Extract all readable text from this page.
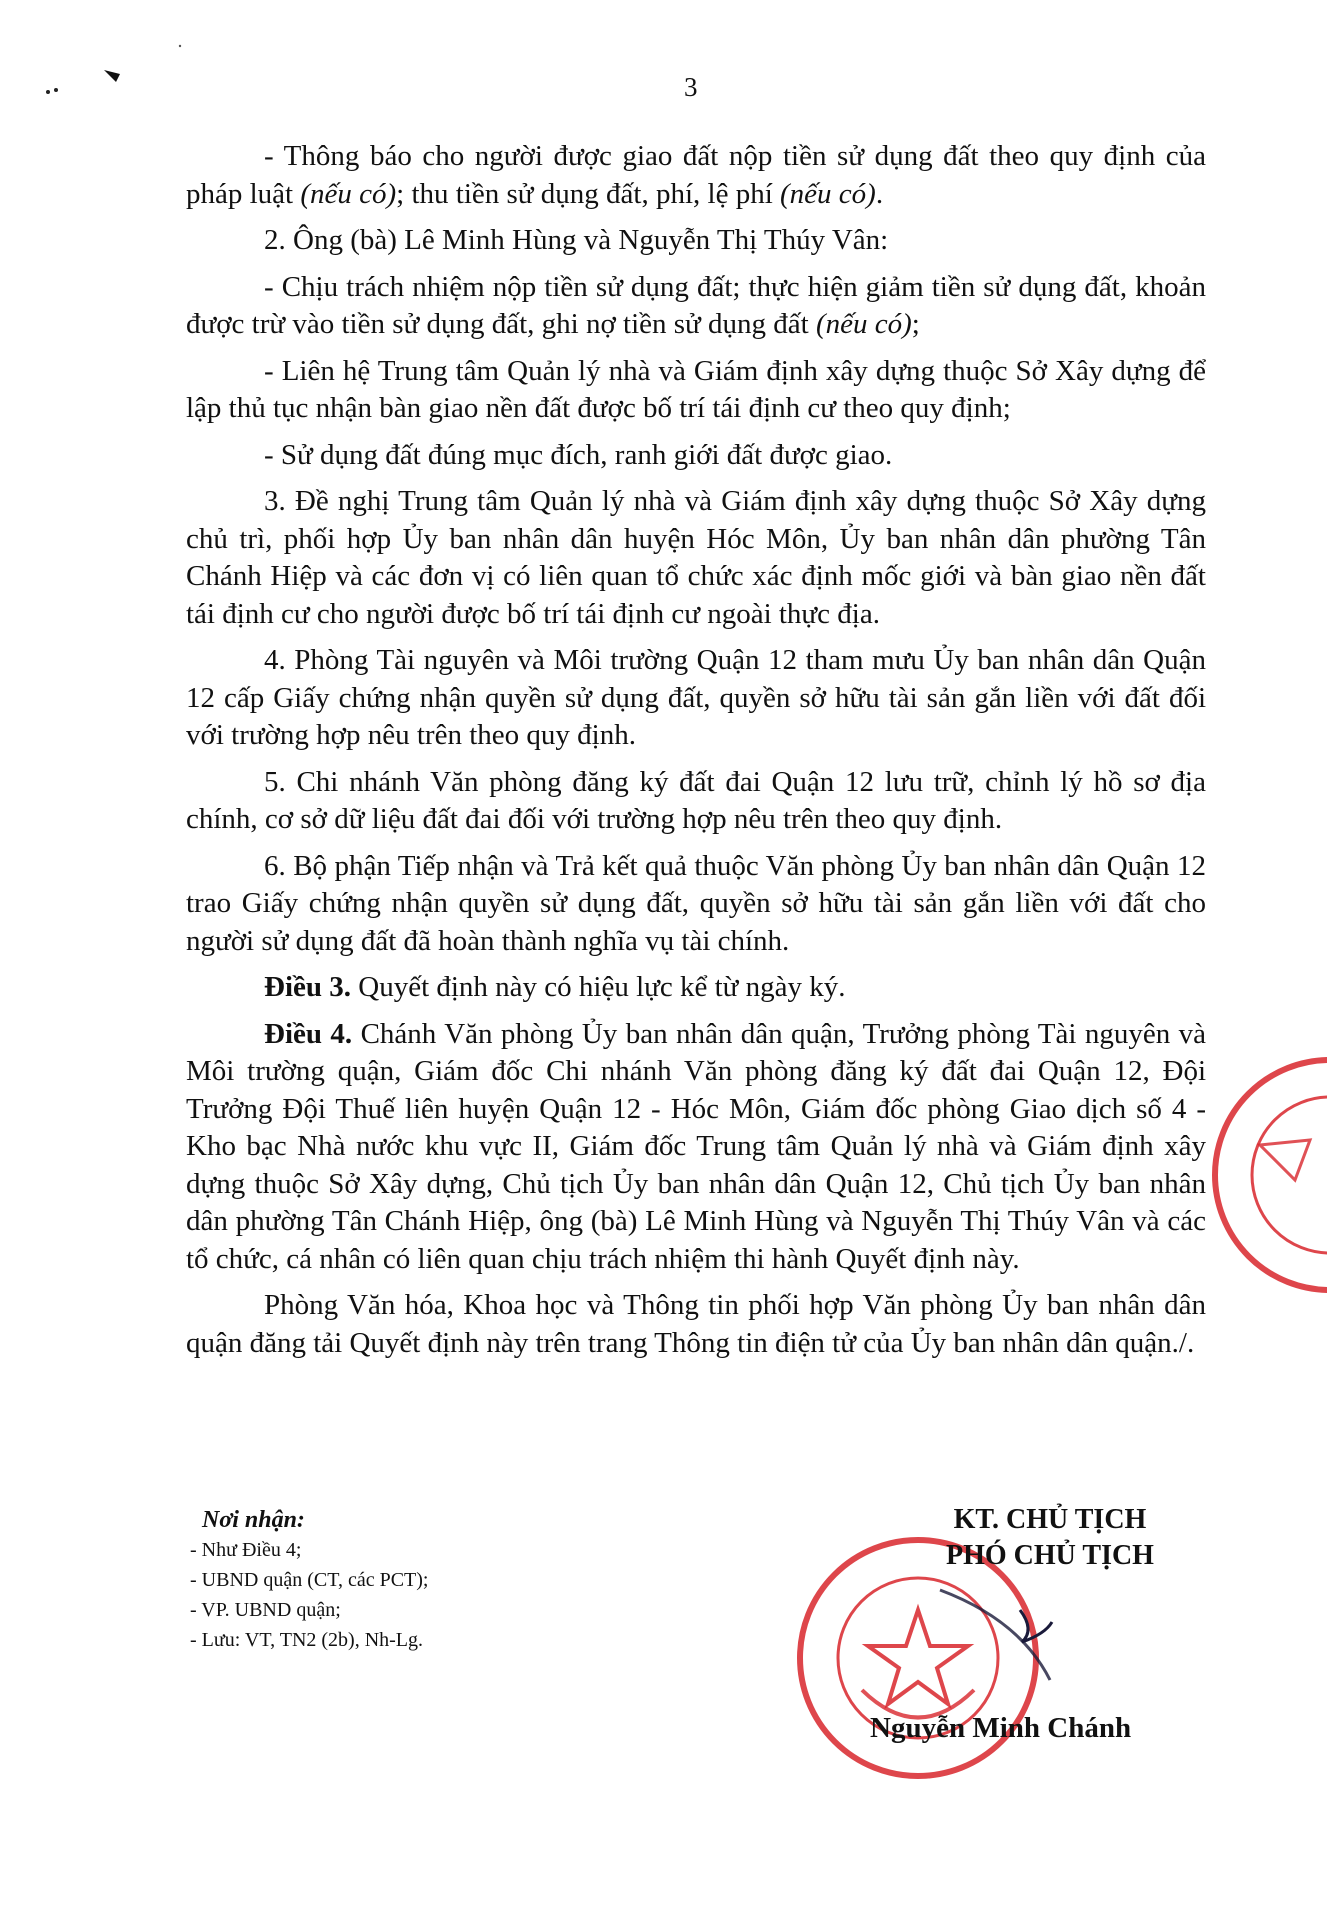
3

- Thông báo cho người được giao đất nộp tiền sử dụng đất theo quy định của pháp luật (nếu có); thu tiền sử dụng đất, phí, lệ phí (nếu có).

2. Ông (bà) Lê Minh Hùng và Nguyễn Thị Thúy Vân:

- Chịu trách nhiệm nộp tiền sử dụng đất; thực hiện giảm tiền sử dụng đất, khoản được trừ vào tiền sử dụng đất, ghi nợ tiền sử dụng đất (nếu có);

- Liên hệ Trung tâm Quản lý nhà và Giám định xây dựng thuộc Sở Xây dựng để lập thủ tục nhận bàn giao nền đất được bố trí tái định cư theo quy định;

- Sử dụng đất đúng mục đích, ranh giới đất được giao.

3. Đề nghị Trung tâm Quản lý nhà và Giám định xây dựng thuộc Sở Xây dựng chủ trì, phối hợp Ủy ban nhân dân huyện Hóc Môn, Ủy ban nhân dân phường Tân Chánh Hiệp và các đơn vị có liên quan tổ chức xác định mốc giới và bàn giao nền đất tái định cư cho người được bố trí tái định cư ngoài thực địa.

4. Phòng Tài nguyên và Môi trường Quận 12 tham mưu Ủy ban nhân dân Quận 12 cấp Giấy chứng nhận quyền sử dụng đất, quyền sở hữu tài sản gắn liền với đất đối với trường hợp nêu trên theo quy định.

5. Chi nhánh Văn phòng đăng ký đất đai Quận 12 lưu trữ, chỉnh lý hồ sơ địa chính, cơ sở dữ liệu đất đai đối với trường hợp nêu trên theo quy định.

6. Bộ phận Tiếp nhận và Trả kết quả thuộc Văn phòng Ủy ban nhân dân Quận 12 trao Giấy chứng nhận quyền sử dụng đất, quyền sở hữu tài sản gắn liền với đất cho người sử dụng đất đã hoàn thành nghĩa vụ tài chính.

Điều 3. Quyết định này có hiệu lực kể từ ngày ký.

Điều 4. Chánh Văn phòng Ủy ban nhân dân quận, Trưởng phòng Tài nguyên và Môi trường quận, Giám đốc Chi nhánh Văn phòng đăng ký đất đai Quận 12, Đội Trưởng Đội Thuế liên huyện Quận 12 - Hóc Môn, Giám đốc phòng Giao dịch số 4 - Kho bạc Nhà nước khu vực II, Giám đốc Trung tâm Quản lý nhà và Giám định xây dựng thuộc Sở Xây dựng, Chủ tịch Ủy ban nhân dân Quận 12, Chủ tịch Ủy ban nhân dân phường Tân Chánh Hiệp, ông (bà) Lê Minh Hùng và Nguyễn Thị Thúy Vân và các tổ chức, cá nhân có liên quan chịu trách nhiệm thi hành Quyết định này.

Phòng Văn hóa, Khoa học và Thông tin phối hợp Văn phòng Ủy ban nhân dân quận đăng tải Quyết định này trên trang Thông tin điện tử của Ủy ban nhân dân quận./.

Nơi nhận:
- Như Điều 4;
- UBND quận (CT, các PCT);
- VP. UBND quận;
- Lưu: VT, TN2 (2b), Nh-Lg.
KT. CHỦ TỊCH
PHÓ CHỦ TỊCH
Nguyễn Minh Chánh
